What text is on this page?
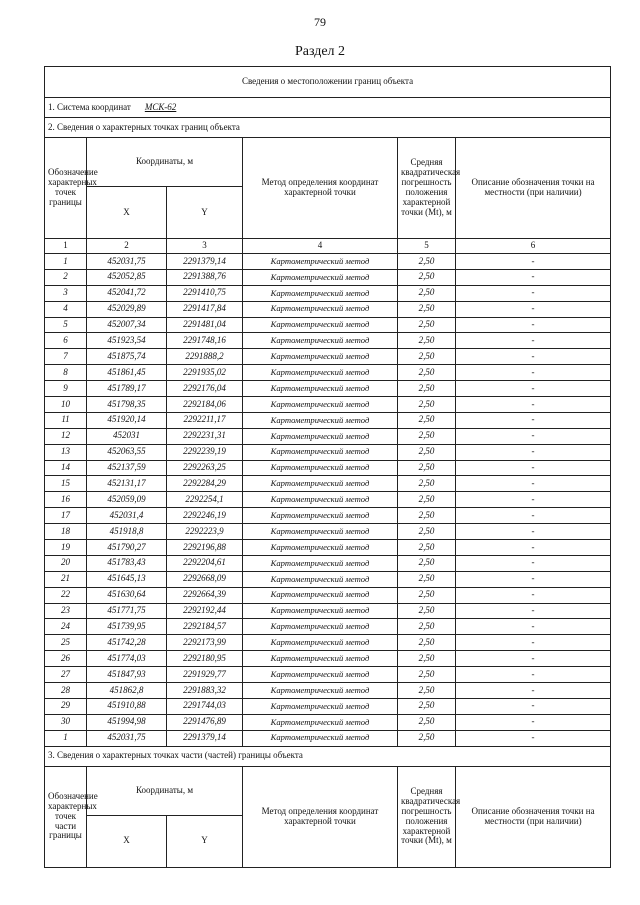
79
Раздел 2
Сведения о местоположении границ объекта					
1. Система координат МСК-62					
2. Сведения о характерных точках границ объекта					
Обозначение характерных точек границы	Координаты, м		Метод определения координат характерной точки	Средняя квадратическая погрешность положения характерной точки (Мt), м	Описание обозначения точки на местности (при наличии)
	X	Y			
1	2	3	4	5	6
1	452031,75	2291379,14	Картометрический метод	2,50	-
2	452052,85	2291388,76	Картометрический метод	2,50	-
3	452041,72	2291410,75	Картометрический метод	2,50	-
4	452029,89	2291417,84	Картометрический метод	2,50	-
5	452007,34	2291481,04	Картометрический метод	2,50	-
6	451923,54	2291748,16	Картометрический метод	2,50	-
7	451875,74	2291888,2	Картометрический метод	2,50	-
8	451861,45	2291935,02	Картометрический метод	2,50	-
9	451789,17	2292176,04	Картометрический метод	2,50	-
10	451798,35	2292184,06	Картометрический метод	2,50	-
11	451920,14	2292211,17	Картометрический метод	2,50	-
12	452031	2292231,31	Картометрический метод	2,50	-
13	452063,55	2292239,19	Картометрический метод	2,50	-
14	452137,59	2292263,25	Картометрический метод	2,50	-
15	452131,17	2292284,29	Картометрический метод	2,50	-
16	452059,09	2292254,1	Картометрический метод	2,50	-
17	452031,4	2292246,19	Картометрический метод	2,50	-
18	451918,8	2292223,9	Картометрический метод	2,50	-
19	451790,27	2292196,88	Картометрический метод	2,50	-
20	451783,43	2292204,61	Картометрический метод	2,50	-
21	451645,13	2292668,09	Картометрический метод	2,50	-
22	451630,64	2292664,39	Картометрический метод	2,50	-
23	451771,75	2292192,44	Картометрический метод	2,50	-
24	451739,95	2292184,57	Картометрический метод	2,50	-
25	451742,28	2292173,99	Картометрический метод	2,50	-
26	451774,03	2292180,95	Картометрический метод	2,50	-
27	451847,93	2291929,77	Картометрический метод	2,50	-
28	451862,8	2291883,32	Картометрический метод	2,50	-
29	451910,88	2291744,03	Картометрический метод	2,50	-
30	451994,98	2291476,89	Картометрический метод	2,50	-
1	452031,75	2291379,14	Картометрический метод	2,50	-
3. Сведения о характерных точках части (частей) границы объекта					
Обозначение характерных точек части границы	Координаты, м		Метод определения координат характерной точки	Средняя квадратическая погрешность положения характерной точки (Мt), м	Описание обозначения точки на местности (при наличии)
	X	Y			
